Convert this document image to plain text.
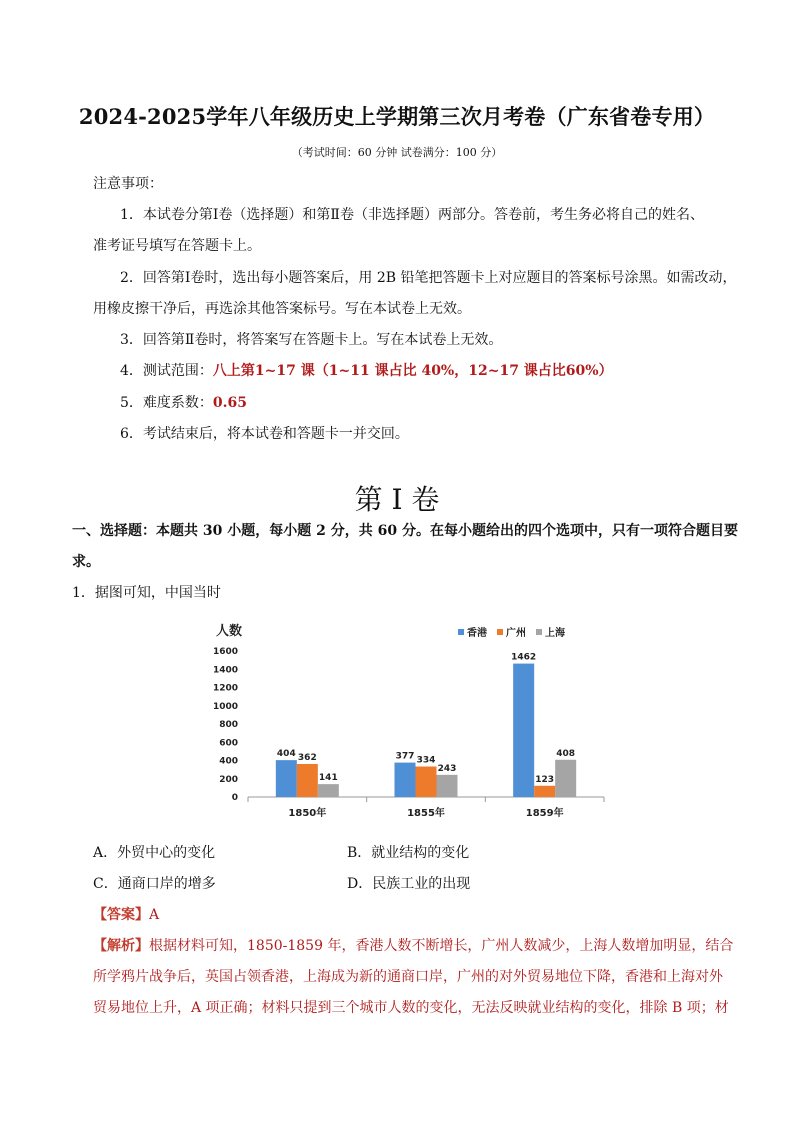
2024-2025学年八年级历史上学期第三次月考卷（广东省卷专用）
（考试时间：60 分钟 试卷满分：100 分）
注意事项：
1．本试卷分第Ⅰ卷（选择题）和第Ⅱ卷（非选择题）两部分。答卷前，考生务必将自己的姓名、
准考证号填写在答题卡上。
2．回答第Ⅰ卷时，选出每小题答案后，用 2B 铅笔把答题卡上对应题目的答案标号涂黑。如需改动，
用橡皮擦干净后，再选涂其他答案标号。写在本试卷上无效。
3．回答第Ⅱ卷时，将答案写在答题卡上。写在本试卷上无效。
4．测试范围：八上第1~17 课（1~11 课占比 40%，12~17 课占比60%）
5．难度系数：0.65
6．考试结束后，将本试卷和答题卡一并交回。
第 I 卷
一、选择题：本题共 30 小题，每小题 2 分，共 60 分。在每小题给出的四个选项中，只有一项符合题目要
求。
1．据图可知，中国当时
人数
0
200
400
600
800
1000
1200
1400
1600
404 362
141
1850年
377 334
243
1855年
1462
123
408
1859年
香港 广州 上海
A．外贸中心的变化	B．就业结构的变化
C．通商口岸的增多	D．民族工业的出现
【答案】A
【解析】根据材料可知，1850-1859 年，香港人数不断增长，广州人数减少，上海人数增加明显，结合
所学鸦片战争后，英国占领香港，上海成为新的通商口岸，广州的对外贸易地位下降，香港和上海对外
贸易地位上升，A 项正确；材料只提到三个城市人数的变化，无法反映就业结构的变化，排除 B 项；材
